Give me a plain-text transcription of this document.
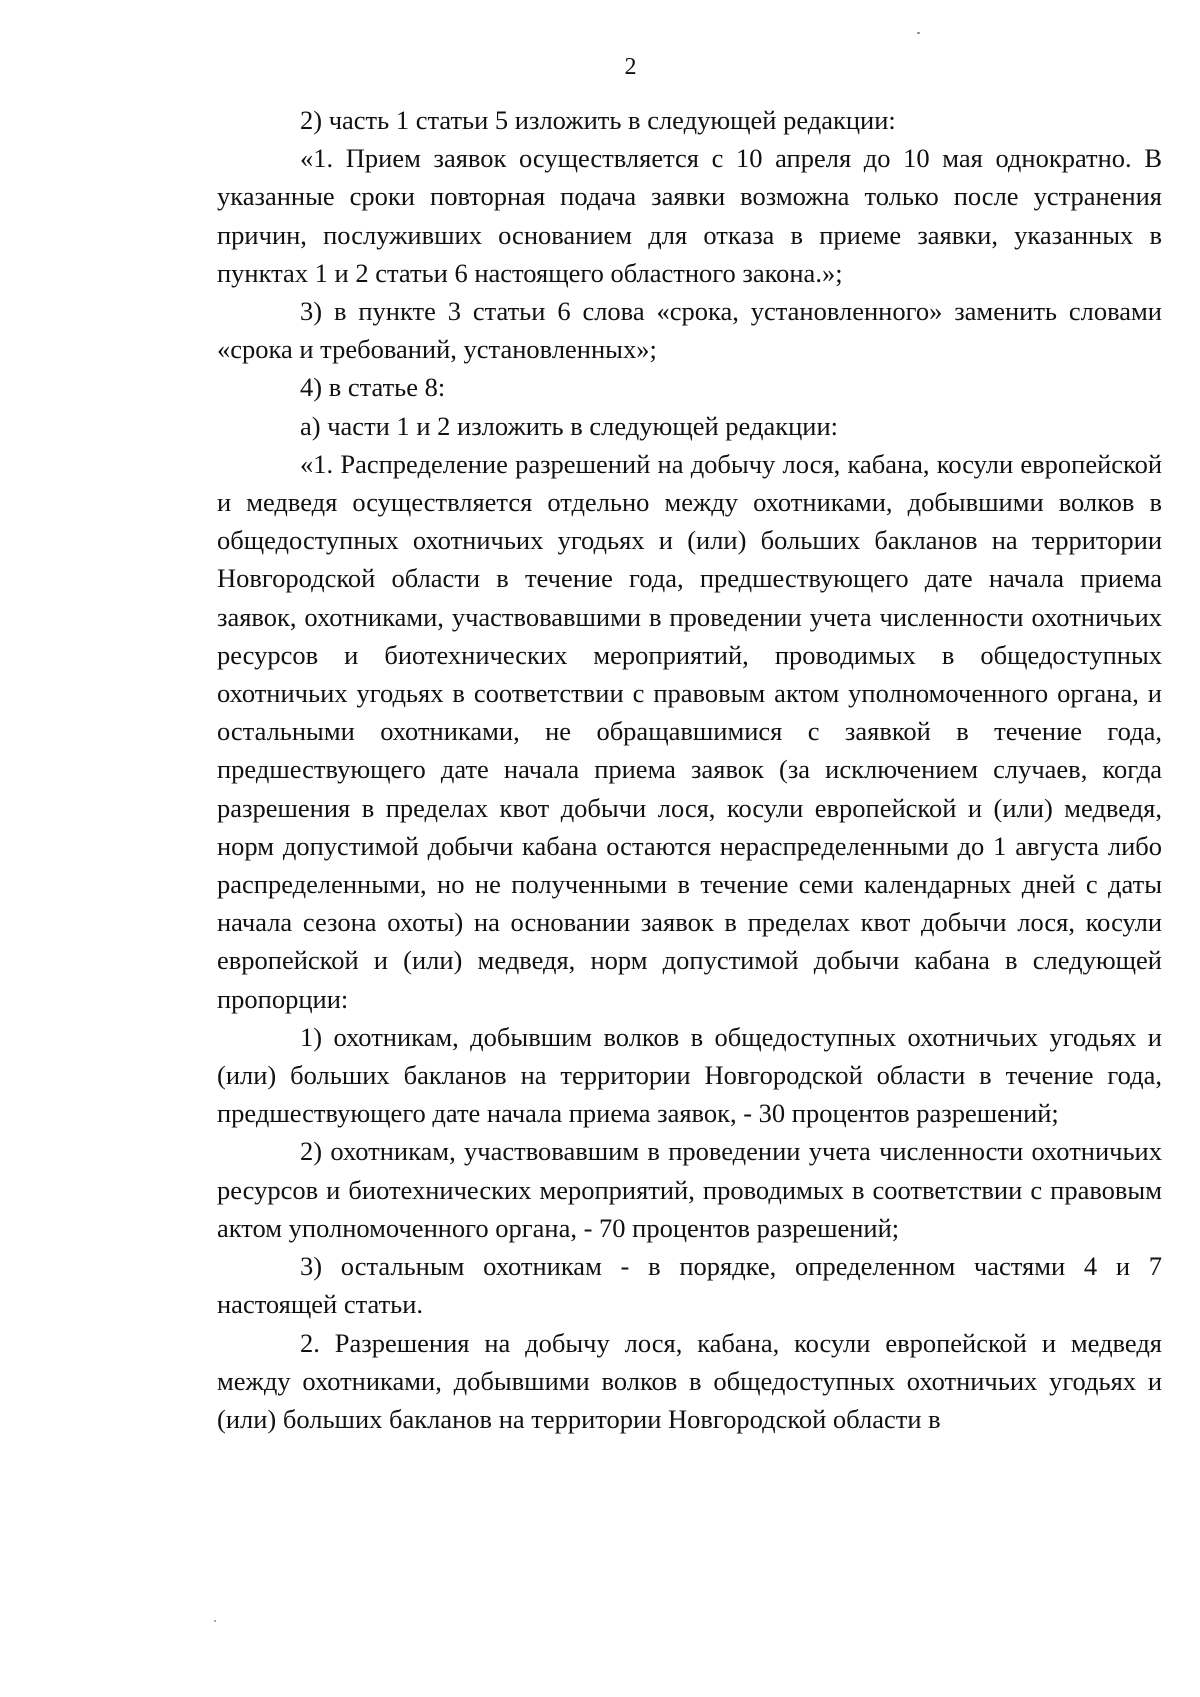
2

2) часть 1 статьи 5 изложить в следующей редакции:

«1. Прием заявок осуществляется с 10 апреля до 10 мая однократно. В указанные сроки повторная подача заявки возможна только после устранения причин, послуживших основанием для отказа в приеме заявки, указанных в пунктах 1 и 2 статьи 6 настоящего областного закона.»;

3) в пункте 3 статьи 6 слова «срока, установленного» заменить словами «срока и требований, установленных»;

4) в статье 8:

а) части 1 и 2 изложить в следующей редакции:

«1. Распределение разрешений на добычу лося, кабана, косули европейской и медведя осуществляется отдельно между охотниками, добывшими волков в общедоступных охотничьих угодьях и (или) больших бакланов на территории Новгородской области в течение года, предшествующего дате начала приема заявок, охотниками, участвовавшими в проведении учета численности охотничьих ресурсов и биотехнических мероприятий, проводимых в общедоступных охотничьих угодьях в соответствии с правовым актом уполномоченного органа, и остальными охотниками, не обращавшимися с заявкой в течение года, предшествующего дате начала приема заявок (за исключением случаев, когда разрешения в пределах квот добычи лося, косули европейской и (или) медведя, норм допустимой добычи кабана остаются нераспределенными до 1 августа либо распределенными, но не полученными в течение семи календарных дней с даты начала сезона охоты) на основании заявок в пределах квот добычи лося, косули европейской и (или) медведя, норм допустимой добычи кабана в следующей пропорции:

1) охотникам, добывшим волков в общедоступных охотничьих угодьях и (или) больших бакланов на территории Новгородской области в течение года, предшествующего дате начала приема заявок, - 30 процентов разрешений;

2) охотникам, участвовавшим в проведении учета численности охотничьих ресурсов и биотехнических мероприятий, проводимых в соответствии с правовым актом уполномоченного органа, - 70 процентов разрешений;

3) остальным охотникам - в порядке, определенном частями 4 и 7 настоящей статьи.

2. Разрешения на добычу лося, кабана, косули европейской и медведя между охотниками, добывшими волков в общедоступных охотничьих угодьях и (или) больших бакланов на территории Новгородской области в
